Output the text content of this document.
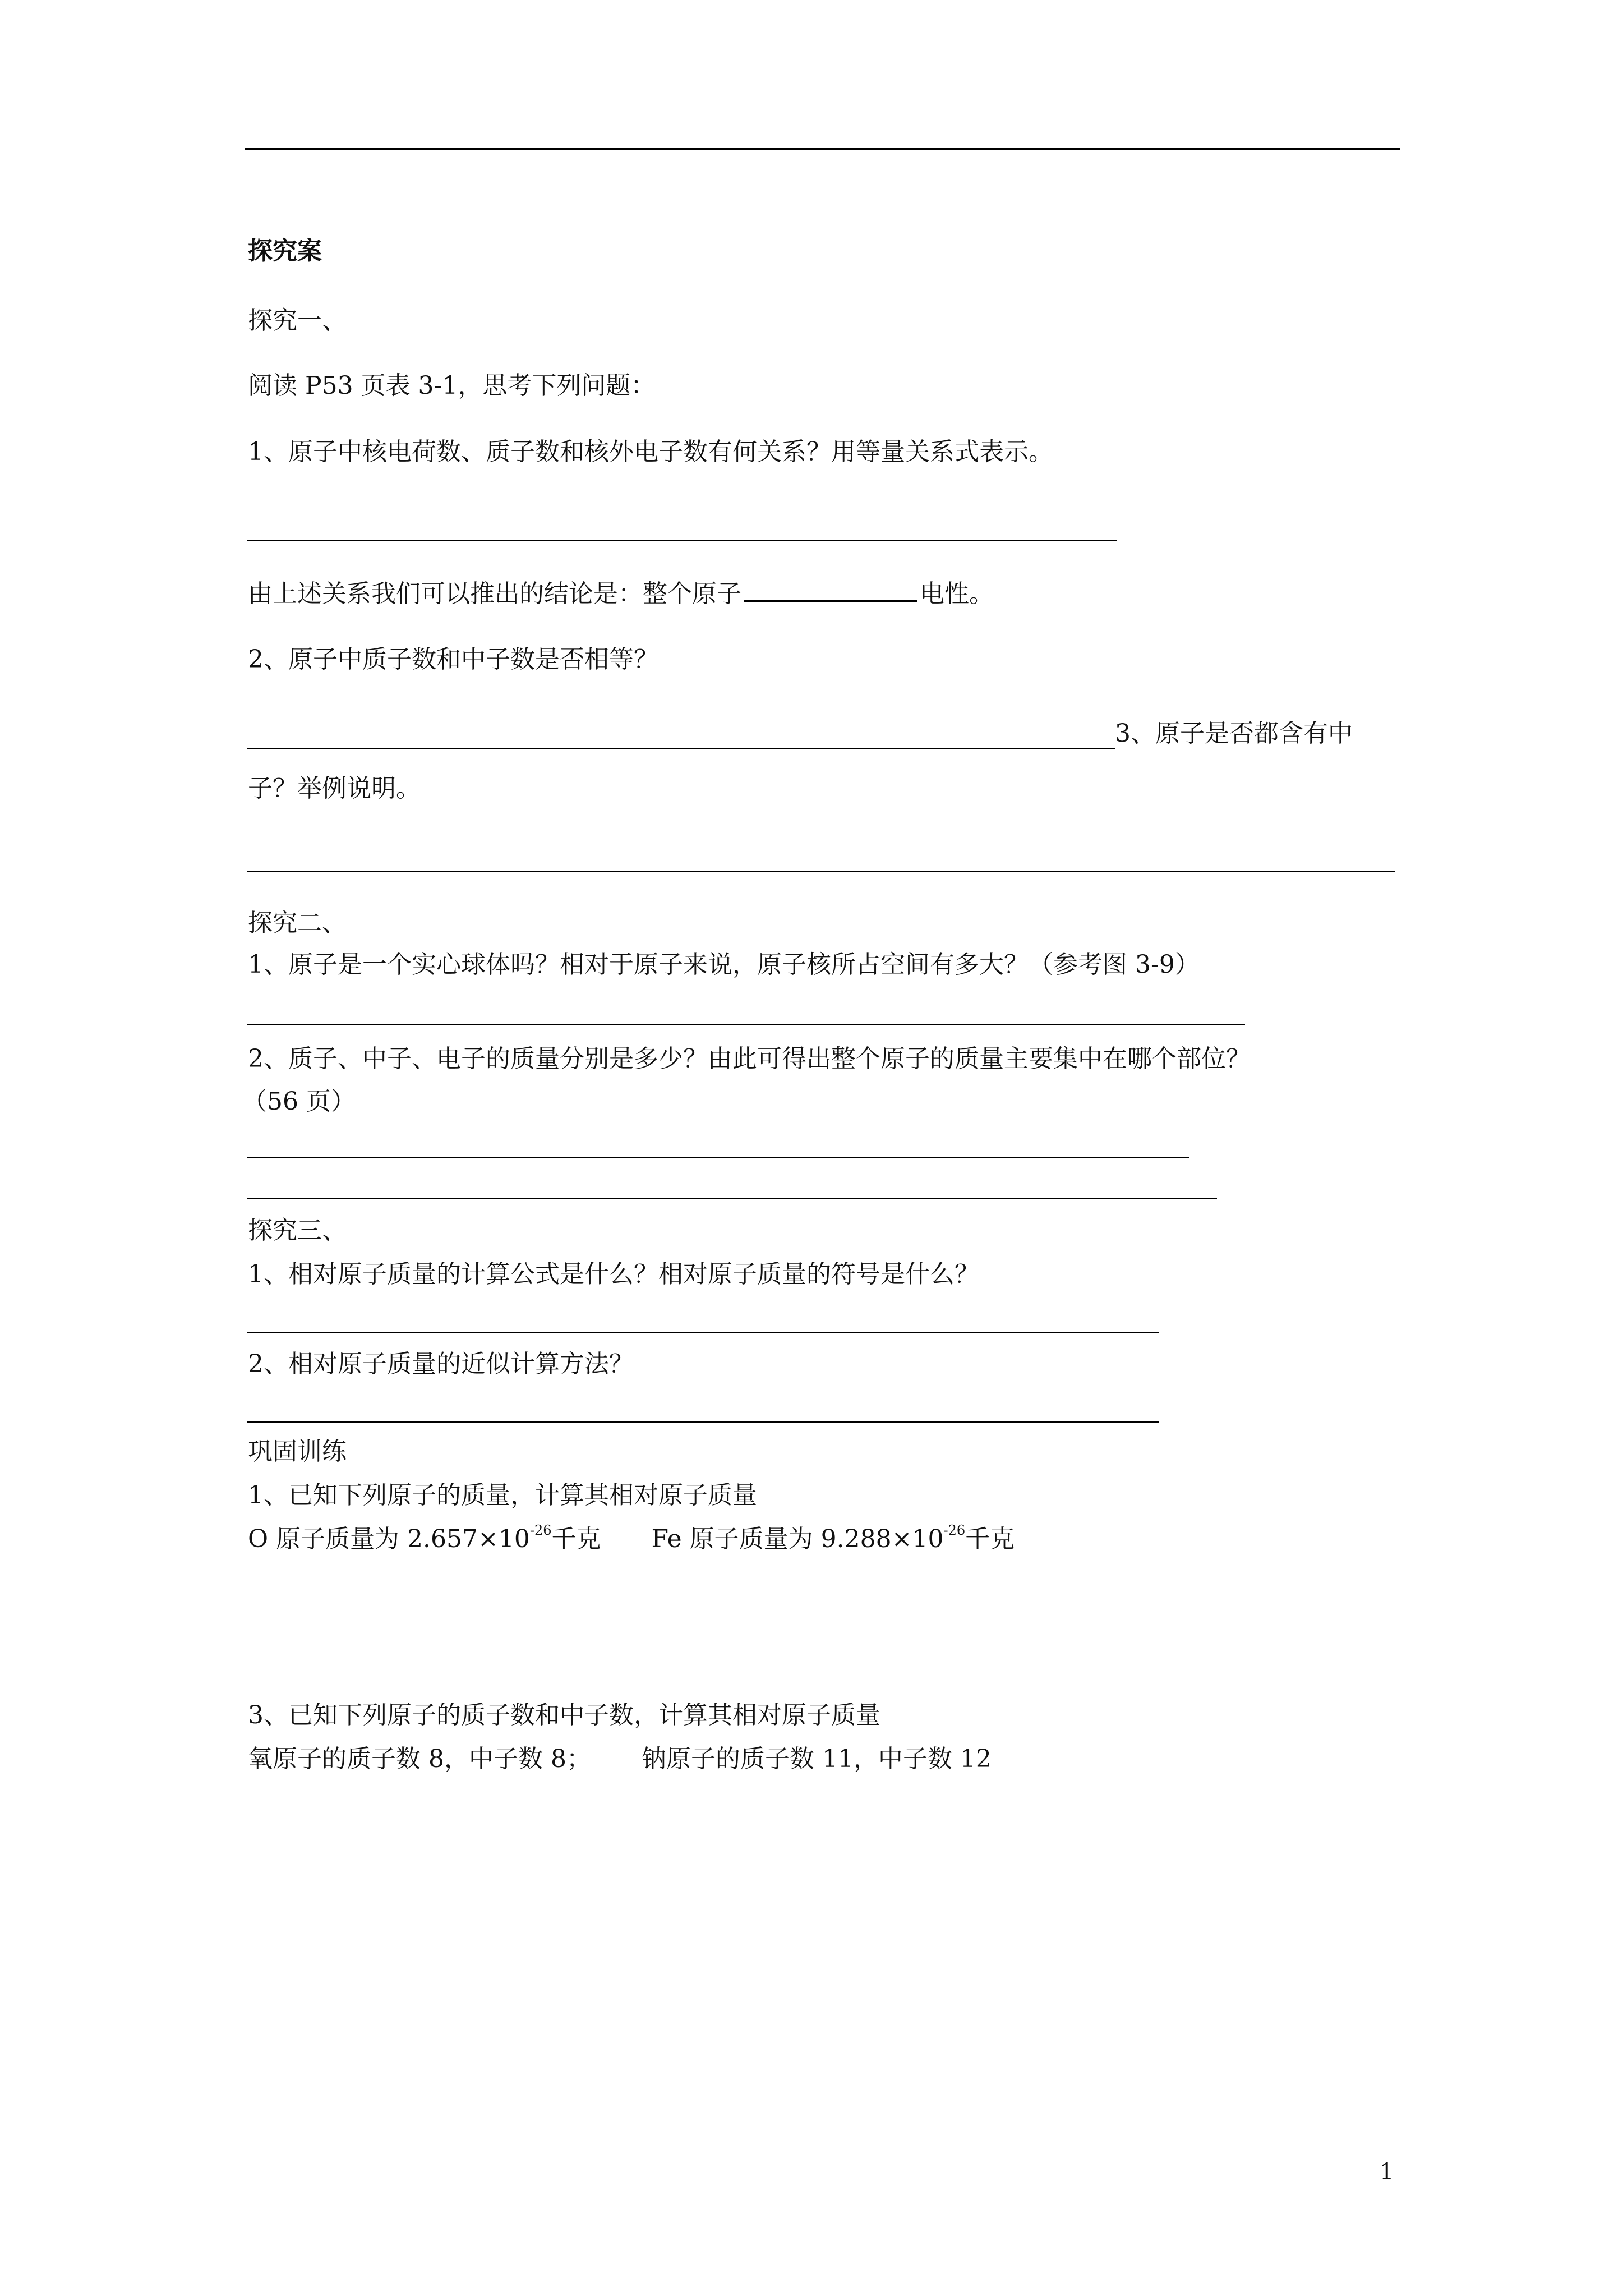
探究案
探究一、
阅读 P53 页表 3-1，思考下列问题：
1、原子中核电荷数、质子数和核外电子数有何关系？用等量关系式表示。
由上述关系我们可以推出的结论是：整个原子	电性。
2、原子中质子数和中子数是否相等？
3、原子是否都含有中
子？举例说明。
探究二、
1、原子是一个实心球体吗？相对于原子来说，原子核所占空间有多大？（参考图 3-9）
2、质子、中子、电子的质量分别是多少？由此可得出整个原子的质量主要集中在哪个部位？
（56 页）
探究三、
1、相对原子质量的计算公式是什么？相对原子质量的符号是什么？
2、相对原子质量的近似计算方法？
巩固训练
1、已知下列原子的质量，计算其相对原子质量
O 原子质量为 $2.657\times 10^{-26}$千克 Fe 原子质量为 $9.288\times 10^{-26}$千克
3、已知下列原子的质子数和中子数，计算其相对原子质量
氧原子的质子数 8，中子数 8； 钠原子的质子数 11，中子数 12
1
